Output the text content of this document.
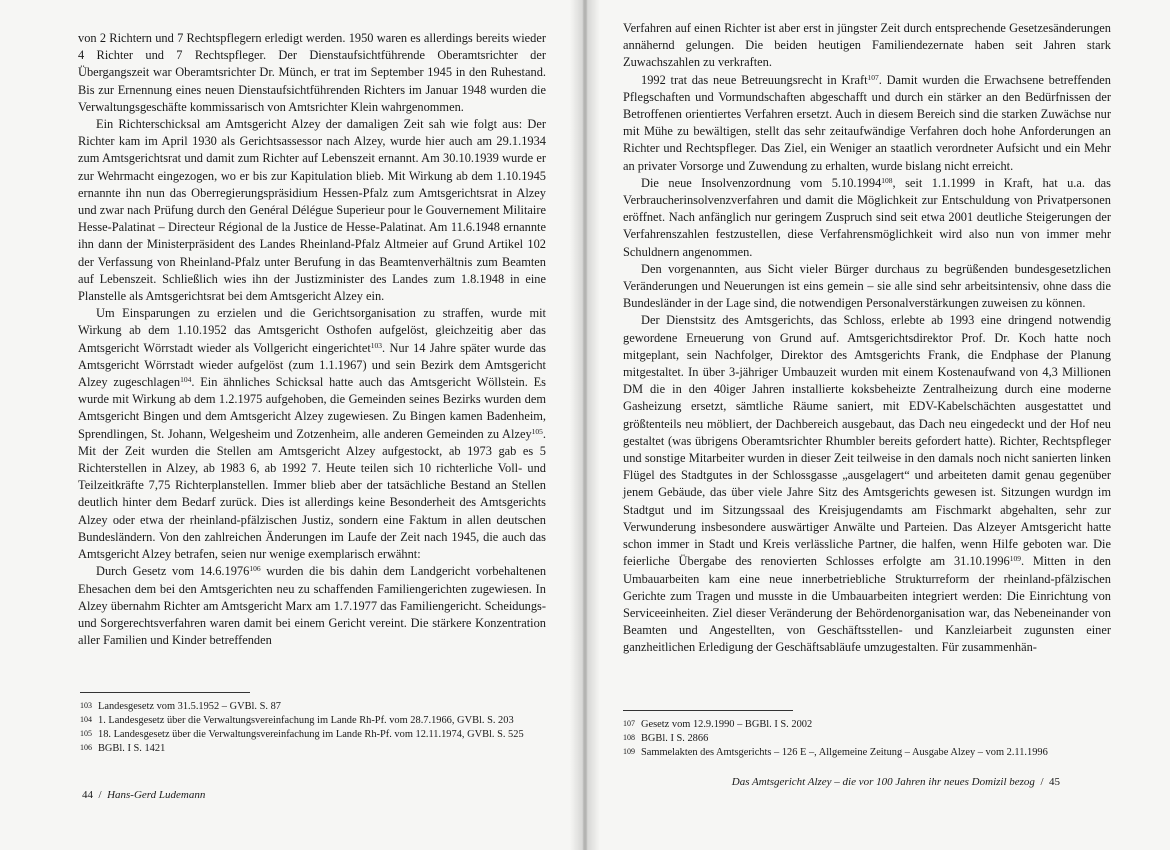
von 2 Richtern und 7 Rechtspflegern erledigt werden. 1950 waren es allerdings bereits wieder 4 Richter und 7 Rechtspfleger. Der Dienstaufsichtführende Oberamtsrichter der Übergangszeit war Oberamtsrichter Dr. Münch, er trat im September 1945 in den Ruhestand. Bis zur Ernennung eines neuen Dienstaufsichtführenden Richters im Januar 1948 wurden die Verwaltungsgeschäfte kommissarisch von Amtsrichter Klein wahrgenommen.

Ein Richterschicksal am Amtsgericht Alzey der damaligen Zeit sah wie folgt aus: Der Richter kam im April 1930 als Gerichtsassessor nach Alzey, wurde hier auch am 29.1.1934 zum Amtsgerichtsrat und damit zum Richter auf Lebenszeit ernannt. Am 30.10.1939 wurde er zur Wehrmacht eingezogen, wo er bis zur Kapitulation blieb. Mit Wirkung ab dem 1.10.1945 ernannte ihn nun das Oberregierungspräsidium Hessen-Pfalz zum Amtsgerichtsrat in Alzey und zwar nach Prüfung durch den Genéral Délégue Superieur pour le Gouvernement Militaire Hesse-Palatinat – Directeur Régional de la Justice de Hesse-Palatinat. Am 11.6.1948 ernannte ihn dann der Ministerpräsident des Landes Rheinland-Pfalz Altmeier auf Grund Artikel 102 der Verfassung von Rheinland-Pfalz unter Berufung in das Beamtenverhältnis zum Beamten auf Lebenszeit. Schließlich wies ihn der Justizminister des Landes zum 1.8.1948 in eine Planstelle als Amtsgerichtsrat bei dem Amtsgericht Alzey ein.

Um Einsparungen zu erzielen und die Gerichtsorganisation zu straffen, wurde mit Wirkung ab dem 1.10.1952 das Amtsgericht Osthofen aufgelöst, gleichzeitig aber das Amtsgericht Wörrstadt wieder als Vollgericht eingerichtet$^{103}$. Nur 14 Jahre später wurde das Amtsgericht Wörrstadt wieder aufgelöst (zum 1.1.1967) und sein Bezirk dem Amtsgericht Alzey zugeschlagen$^{104}$. Ein ähnliches Schicksal hatte auch das Amtsgericht Wöllstein. Es wurde mit Wirkung ab dem 1.2.1975 aufgehoben, die Gemeinden seines Bezirks wurden dem Amtsgericht Bingen und dem Amtsgericht Alzey zugewiesen. Zu Bingen kamen Badenheim, Sprendlingen, St. Johann, Welgesheim und Zotzenheim, alle anderen Gemeinden zu Alzey$^{105}$. Mit der Zeit wurden die Stellen am Amtsgericht Alzey aufgestockt, ab 1973 gab es 5 Richterstellen in Alzey, ab 1983 6, ab 1992 7. Heute teilen sich 10 richterliche Voll- und Teilzeitkräfte 7,75 Richterplanstellen. Immer blieb aber der tatsächliche Bestand an Stellen deutlich hinter dem Bedarf zurück. Dies ist allerdings keine Besonderheit des Amtsgerichts Alzey oder etwa der rheinland-pfälzischen Justiz, sondern eine Faktum in allen deutschen Bundesländern. Von den zahlreichen Änderungen im Laufe der Zeit nach 1945, die auch das Amtsgericht Alzey betrafen, seien nur wenige exemplarisch erwähnt:

Durch Gesetz vom 14.6.1976$^{106}$ wurden die bis dahin dem Landgericht vorbehaltenen Ehesachen dem bei den Amtsgerichten neu zu schaffenden Familiengerichten zugewiesen. In Alzey übernahm Richter am Amtsgericht Marx am 1.7.1977 das Familiengericht. Scheidungs- und Sorgerechtsverfahren waren damit bei einem Gericht vereint. Die stärkere Konzentration aller Familien und Kinder betreffenden

103 Landesgesetz vom 31.5.1952 – GVBl. S. 87
104 1. Landesgesetz über die Verwaltungsvereinfachung im Lande Rh-Pf. vom 28.7.1966, GVBl. S. 203
105 18. Landesgesetz über die Verwaltungsvereinfachung im Lande Rh-Pf. vom 12.11.1974, GVBl. S. 525
106 BGBl. I S. 1421
44 / Hans-Gerd Ludemann

Verfahren auf einen Richter ist aber erst in jüngster Zeit durch entsprechende Gesetzesänderungen annähernd gelungen. Die beiden heutigen Familiendezernate haben seit Jahren stark Zuwachszahlen zu verkraften.

1992 trat das neue Betreuungsrecht in Kraft$^{107}$. Damit wurden die Erwachsene betreffenden Pflegschaften und Vormundschaften abgeschafft und durch ein stärker an den Bedürfnissen der Betroffenen orientiertes Verfahren ersetzt. Auch in diesem Bereich sind die starken Zuwächse nur mit Mühe zu bewältigen, stellt das sehr zeitaufwändige Verfahren doch hohe Anforderungen an Richter und Rechtspfleger. Das Ziel, ein Weniger an staatlich verordneter Aufsicht und ein Mehr an privater Vorsorge und Zuwendung zu erhalten, wurde bislang nicht erreicht.

Die neue Insolvenzordnung vom 5.10.1994$^{108}$, seit 1.1.1999 in Kraft, hat u.a. das Verbraucherinsolvenzverfahren und damit die Möglichkeit zur Entschuldung von Privatpersonen eröffnet. Nach anfänglich nur geringem Zuspruch sind seit etwa 2001 deutliche Steigerungen der Verfahrenszahlen festzustellen, diese Verfahrensmöglichkeit wird also nun von immer mehr Schuldnern angenommen.

Den vorgenannten, aus Sicht vieler Bürger durchaus zu begrüßenden bundesgesetzlichen Veränderungen und Neuerungen ist eins gemein – sie alle sind sehr arbeitsintensiv, ohne dass die Bundesländer in der Lage sind, die notwendigen Personalverstärkungen zuweisen zu können.

Der Dienstsitz des Amtsgerichts, das Schloss, erlebte ab 1993 eine dringend notwendig gewordene Erneuerung von Grund auf. Amtsgerichtsdirektor Prof. Dr. Koch hatte noch mitgeplant, sein Nachfolger, Direktor des Amtsgerichts Frank, die Endphase der Planung mitgestaltet. In über 3-jähriger Umbauzeit wurden mit einem Kostenaufwand von 4,3 Millionen DM die in den 40iger Jahren installierte koksbeheizte Zentralheizung durch eine moderne Gasheizung ersetzt, sämtliche Räume saniert, mit EDV-Kabelschächten ausgestattet und größtenteils neu möbliert, der Dachbereich ausgebaut, das Dach neu eingedeckt und der Hof neu gestaltet (was übrigens Oberamtsrichter Rhumbler bereits gefordert hatte). Richter, Rechtspfleger und sonstige Mitarbeiter wurden in dieser Zeit teilweise in den damals noch nicht sanierten linken Flügel des Stadtgutes in der Schlossgasse „ausgelagert“ und arbeiteten damit genau gegenüber jenem Gebäude, das über viele Jahre Sitz des Amtsgerichts gewesen ist. Sitzungen wurdgn im Stadtgut und im Sitzungssaal des Kreisjugendamts am Fischmarkt abgehalten, sehr zur Verwunderung insbesondere auswärtiger Anwälte und Parteien. Das Alzeyer Amtsgericht hatte schon immer in Stadt und Kreis verlässliche Partner, die halfen, wenn Hilfe geboten war. Die feierliche Übergabe des renovierten Schlosses erfolgte am 31.10.1996$^{109}$. Mitten in den Umbauarbeiten kam eine neue innerbetriebliche Strukturreform der rheinland-pfälzischen Gerichte zum Tragen und musste in die Umbauarbeiten integriert werden: Die Einrichtung von Serviceeinheiten. Ziel dieser Veränderung der Behördenorganisation war, das Nebeneinander von Beamten und Angestellten, von Geschäftsstellen- und Kanzleiarbeit zugunsten einer ganzheitlichen Erledigung der Geschäftsabläufe umzugestalten. Für zusammenhän-

107 Gesetz vom 12.9.1990 – BGBl. I S. 2002
108 BGBl. I S. 2866
109 Sammelakten des Amtsgerichts – 126 E –, Allgemeine Zeitung – Ausgabe Alzey – vom 2.11.1996
Das Amtsgericht Alzey – die vor 100 Jahren ihr neues Domizil bezog / 45
